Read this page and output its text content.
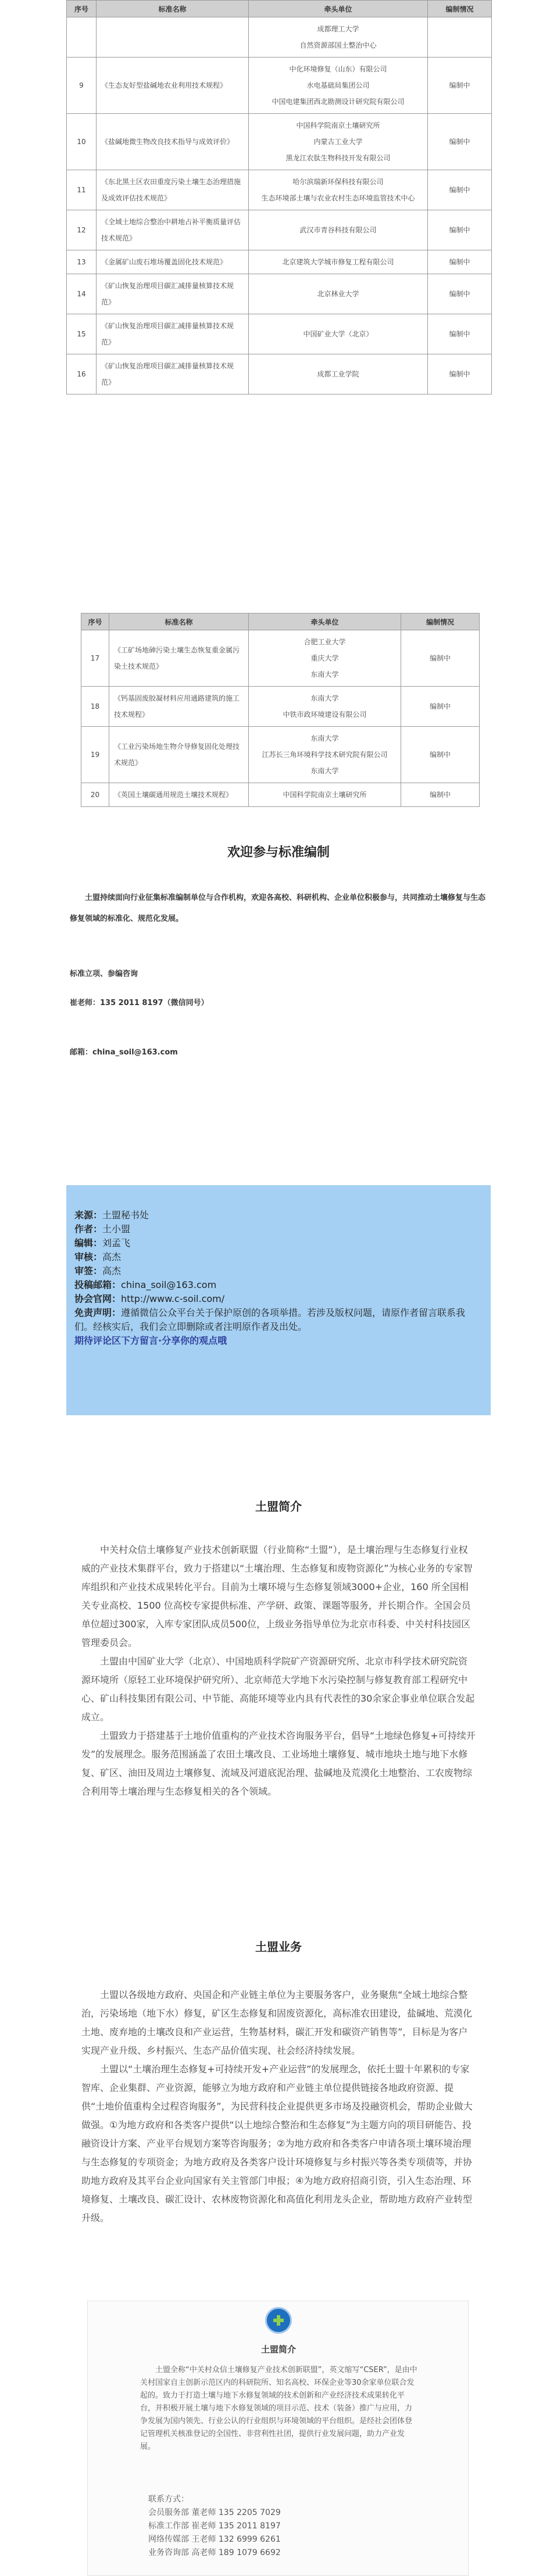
序号	标准名称	牵头单位	编制情况

		成都理工大学
自然资源部国土整治中心	

9	《生态友好型盐碱地农业利用技术规程》	中化环境修复（山东）有限公司
水电基础局集团公司
中国电建集团西北勘测设计研究院有限公司	编制中
10	《盐碱地微生物改良技术指导与成效评价》	中国科学院南京土壤研究所
内蒙古工业大学
黑龙江农肽生物科技开发有限公司	编制中
11	《东北黑土区农田重度污染土壤生态治理措施及成效评估技术规范》	哈尔滨瑞新环保科技有限公司
生态环境部土壤与农业农村生态环境监管技术中心	编制中
12	《全域土地综合整治中耕地占补平衡质量评估技术规范》	武汉市青谷科技有限公司	编制中
13	《金属矿山废石堆场覆盖固化技术规范》	北京建筑大学城市修复工程有限公司	编制中
14	《矿山恢复治理项目碳汇减排量核算技术规范》	北京林业大学	编制中
15	《矿山恢复治理项目碳汇减排量核算技术规范》	中国矿业大学（北京）	编制中
16	《矿山恢复治理项目碳汇减排量核算技术规范》	成都工业学院	编制中
序号	标准名称	牵头单位	编制情况
17	《工矿场地砷污染土壤生态恢复重金属污染土技术规范》	合肥工业大学
重庆大学
东南大学	编制中
18	《钙基固废胶凝材料应用通路建筑的施工技术规程》	东南大学
中铁市政环境建设有限公司	编制中
19	《工业污染场地生物介导修复固化处理技术规范》	东南大学
江苏长三角环境科学技术研究院有限公司
东南大学	编制中
20	《英国土壤碳通用规范土壤技术规程》	中国科学院南京土壤研究所	编制中
欢迎参与标准编制

土盟持续面向行业征集标准编制单位与合作机构，欢迎各高校、科研机构、企业单位积极参与，共同推动土壤修复与生态修复领域的标准化、规范化发展。

标准立项、参编咨询

崔老师：135 2011 8197（微信同号）

邮箱：china_soil@163.com

来源：土盟秘书处

作者：土小盟

编辑：刘孟飞

审核：高杰

审签：高杰

投稿邮箱：china_soil@163.com

协会官网：http://www.c-soil.com/

免责声明：遵循微信公众平台关于保护原创的各项举措。若涉及版权问题，请原作者留言联系我们。经核实后，我们会立即删除或者注明原作者及出处。

期待评论区下方留言·分享你的观点哦

土盟简介

中关村众信土壤修复产业技术创新联盟（行业简称“土盟”），是土壤治理与生态修复行业权威的产业技术集群平台，致力于搭建以“土壤治理、生态修复和废物资源化”为核心业务的专家智库组织和产业技术成果转化平台。目前为土壤环境与生态修复领域3000+企业，160 所全国相关专业高校、1500 位高校专家提供标准、产学研、政策、课题等服务，并长期合作。全国会员单位超过300家，入库专家团队成员500位，上级业务指导单位为北京市科委、中关村科技园区管理委员会。

土盟由中国矿业大学（北京）、中国地质科学院矿产资源研究所、北京市科学技术研究院资源环境所（原轻工业环境保护研究所）、北京师范大学地下水污染控制与修复教育部工程研究中心、矿山科技集团有限公司、中节能、高能环境等业内具有代表性的30余家企事业单位联合发起成立。

土盟致力于搭建基于土地价值重构的产业技术咨询服务平台，倡导“土地绿色修复+可持续开发”的发展理念。服务范围涵盖了农田土壤改良、工业场地土壤修复、城市地块土地与地下水修复、矿区、油田及周边土壤修复、流域及河道底泥治理、盐碱地及荒漠化土地整治、工农废物综合利用等土壤治理与生态修复相关的各个领域。

土盟业务

土盟以各级地方政府、央国企和产业链主单位为主要服务客户，业务聚焦“全域土地综合整治，污染场地（地下水）修复，矿区生态修复和固废资源化，高标准农田建设，盐碱地、荒漠化土地、废弃地的土壤改良和产业运营，生物基材料，碳汇开发和碳资产销售等”，目标是为客户实现产业升级、乡村振兴、生态产品价值实现、社会经济持续发展。

土盟以“土壤治理生态修复+可持续开发+产业运营”的发展理念，依托土盟十年累积的专家智库、企业集群、产业资源，能够立为地方政府和产业链主单位提供链接各地政府资源、提供“土地价值重构全过程咨询服务”，为民营科技企业提供更多市场及投融资机会，帮助企业做大做强。①为地方政府和各类客户提供“以土地综合整治和生态修复”为主题方向的项目研能告、投融资设计方案、产业平台规划方案等咨询服务；②为地方政府和各类客户申请各项土壤环境治理与生态修复的专项资金；为地方政府及各类客户设计环境修复与乡村振兴等各类专项债等，并协助地方政府及其平台企业向国家有关主管部门申报；④为地方政府招商引资，引入生态治理、环境修复、土壤改良、碳汇设计、农林废物资源化和高值化利用龙头企业，帮助地方政府产业转型升级。

土盟简介

土盟全称“中关村众信土壤修复产业技术创新联盟”，英文缩写“CSER”，是由中关村国家自主创新示范区内的科研院所、知名高校、环保企业等30余家单位联合发起的。致力于打造土壤与地下水修复领域的技术创新和产业经济技术成果转化平台，并积极开展土壤与地下水修复领域的项目示范、技术（装备）推广与应用，力争发展为国内领先、行业公认的行业组织与环境领域的平台组织。是经社会团体登记管理机关核准登记的全国性、非营利性社团，提供行业发展问题，助力产业发展。

联系方式：

会员服务部 董老师 135 2205 7029

标准工作部 崔老师 135 2011 8197

网络传媒部 王老师 132 6999 6261

业务咨询部 高老师 189 1079 6692
